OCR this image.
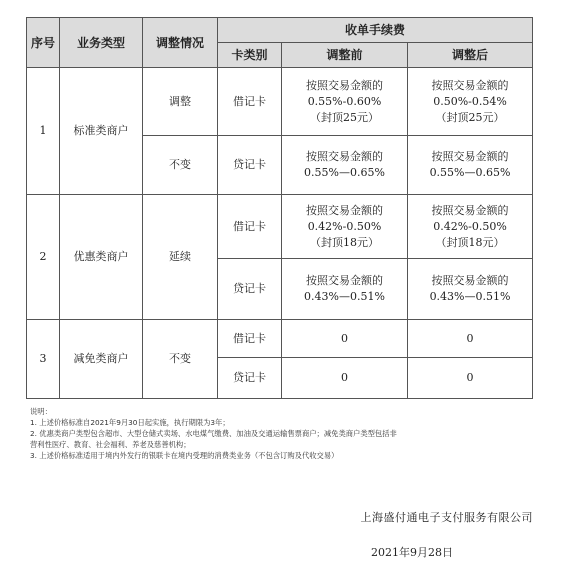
序号	业务类型	调整情况	收单手续费		
			卡类别	调整前	调整后
1	标准类商户	调整	借记卡	按照交易金额的
0.55%-0.60%
（封顶25元）	按照交易金额的
0.50%-0.54%
（封顶25元）

		不变	贷记卡	按照交易金额的
0.55%—0.65%	按照交易金额的
0.55%—0.65%

2	优惠类商户	延续	借记卡	按照交易金额的
0.42%-0.50%
（封顶18元）	按照交易金额的
0.42%-0.50%
（封顶18元）

			贷记卡	按照交易金额的
0.43%—0.51%	按照交易金额的
0.43%—0.51%

3	减免类商户	不变	借记卡	0	0
			贷记卡	0	0
说明：
1. 上述价格标准自2021年9月30日起实施，执行期限为3年；
2. 优惠类商户类型包含超市、大型仓储式卖场、水电煤气缴费、加油及交通运输售票商户；减免类商户类型包括非
营利性医疗、教育、社会福利、养老及慈善机构；
3. 上述价格标准适用于境内外发行的银联卡在境内受理的消费类业务（不包含订购及代收交易）
上海盛付通电子支付服务有限公司
2021年9月28日
